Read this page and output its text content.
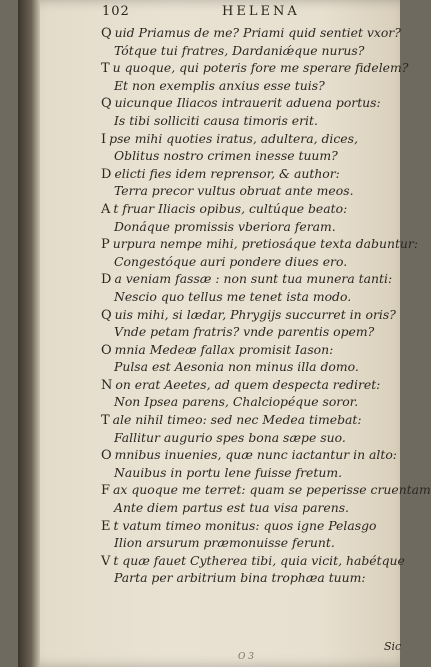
102	HELENA
Q uid Priamus de me? Priami quid sentiet vxor?
Tótque tui fratres, Dardaniǽque nurus?
T u quoque, qui poteris fore me sperare fidelem?
Et non exemplis anxius esse tuis?
Q uicunque Iliacos intrauerit aduena portus:
Is tibi solliciti causa timoris erit.
I pse mihi quoties iratus, adultera, dices,
Oblitus nostro crimen inesse tuum?
D elicti fies idem reprensor, & author:
Terra precor vultus obruat ante meos.
A t fruar Iliacis opibus, cultúque beato:
Donáque promissis vberiora feram.
P urpura nempe mihi, pretiosáque texta dabuntur:
Congestóque auri pondere diues ero.
D a veniam fassæ : non sunt tua munera tanti:
Nescio quo tellus me tenet ista modo.
Q uis mihi, si lædar, Phrygijs succurret in oris?
Vnde petam fratris? vnde parentis opem?
O mnia Medeæ fallax promisit Iason:
Pulsa est Aesonia non minus illa domo.
N on erat Aeetes, ad quem despecta rediret:
Non Ipsea parens, Chalciopéque soror.
T ale nihil timeo: sed nec Medea timebat:
Fallitur augurio spes bona sæpe suo.
O mnibus inuenies, quæ nunc iactantur in alto:
Nauibus in portu lene fuisse fretum.
F ax quoque me terret: quam se peperisse cruentam
Ante diem partus est tua visa parens.
E t vatum timeo monitus: quos igne Pelasgo
Ilion arsurum præmonuisse ferunt.
V t quæ fauet Cytherea tibi, quia vicit, habétque
Parta per arbitrium bina trophæa tuum:
Sic
O 3
